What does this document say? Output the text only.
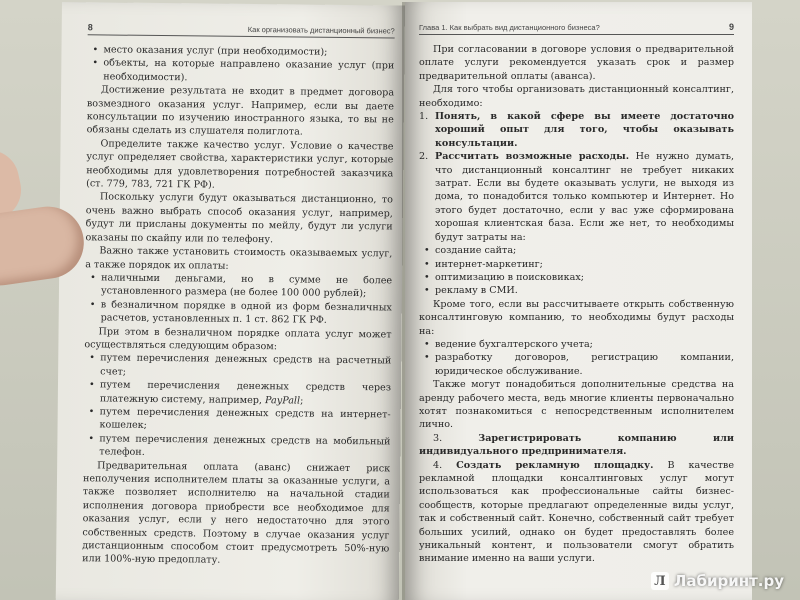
8	Как организовать дистанционный бизнес?
• место оказания услуг (при необходимости);
• объекты, на которые направлено оказание услуг (при необходимости).

Достижение результата не входит в предмет договора возмездного оказания услуг. Например, если вы даете консультации по изучению иностранного языка, то вы не обязаны сделать из слушателя полиглота.

Определите также качество услуг. Условие о качестве услуг определяет свойства, характеристики услуг, которые необходимы для удовлетворения потребностей заказчика (ст. 779, 783, 721 ГК РФ).

Поскольку услуги будут оказываться дистанционно, то очень важно выбрать способ оказания услуг, например, будут ли присланы документы по мейлу, будут ли услуги оказаны по скайпу или по телефону.

Важно также установить стоимость оказываемых услуг, а также порядок их оплаты:

• наличными деньгами, но в сумме не более установленного размера (не более 100 000 рублей);
• в безналичном порядке в одной из форм безналичных расчетов, установленных п. 1 ст. 862 ГК РФ.

При этом в безналичном порядке оплата услуг может осуществляться следующим образом:

• путем перечисления денежных средств на расчетный счет;
• путем перечисления денежных средств через платежную систему, например, PayPall;
• путем перечисления денежных средств на интернет-кошелек;
• путем перечисления денежных средств на мобильный телефон.

Предварительная оплата (аванс) снижает риск неполучения исполнителем платы за оказанные услуги, а также позволяет исполнителю на начальной стадии исполнения договора приобрести все необходимое для оказания услуг, если у него недостаточно для этого собственных средств. Поэтому в случае оказания услуг дистанционным способом стоит предусмотреть 50%-ную или 100%-ную предоплату.

Глава 1. Как выбрать вид дистанционного бизнеса?	9

При согласовании в договоре условия о предварительной оплате услуги рекомендуется указать срок и размер предварительной оплаты (аванса).

Для того чтобы организовать дистанционный консалтинг, необходимо:

1. Понять, в какой сфере вы имеете достаточно хороший опыт для того, чтобы оказывать консультации.
2. Рассчитать возможные расходы. Не нужно думать, что дистанционный консалтинг не требует никаких затрат. Если вы будете оказывать услуги, не выходя из дома, то понадобится только компьютер и Интернет. Но этого будет достаточно, если у вас уже сформирована хорошая клиентская база. Если же нет, то необходимы будут затраты на:
• создание сайта;
• интернет-маркетинг;
• оптимизацию в поисковиках;
• рекламу в СМИ.

Кроме того, если вы рассчитываете открыть собственную консалтинговую компанию, то необходимы будут расходы на:

• ведение бухгалтерского учета;
• разработку договоров, регистрацию компании, юридическое обслуживание.

Также могут понадобиться дополнительные средства на аренду рабочего места, ведь многие клиенты первоначально хотят познакомиться с непосредственным исполнителем лично.

3.	Зарегистрировать компанию или индивидуального предпринимателя.

4. Создать рекламную площадку. В качестве рекламной площадки консалтинговых услуг могут использоваться как профессиональные сайты бизнес-сообществ, которые предлагают определенные виды услуг, так и собственный сайт. Конечно, собственный сайт требует больших усилий, однако он будет предоставлять более уникальный контент, и пользователи смогут обратить внимание именно на ваши услуги.

Л Лабиринт.ру
